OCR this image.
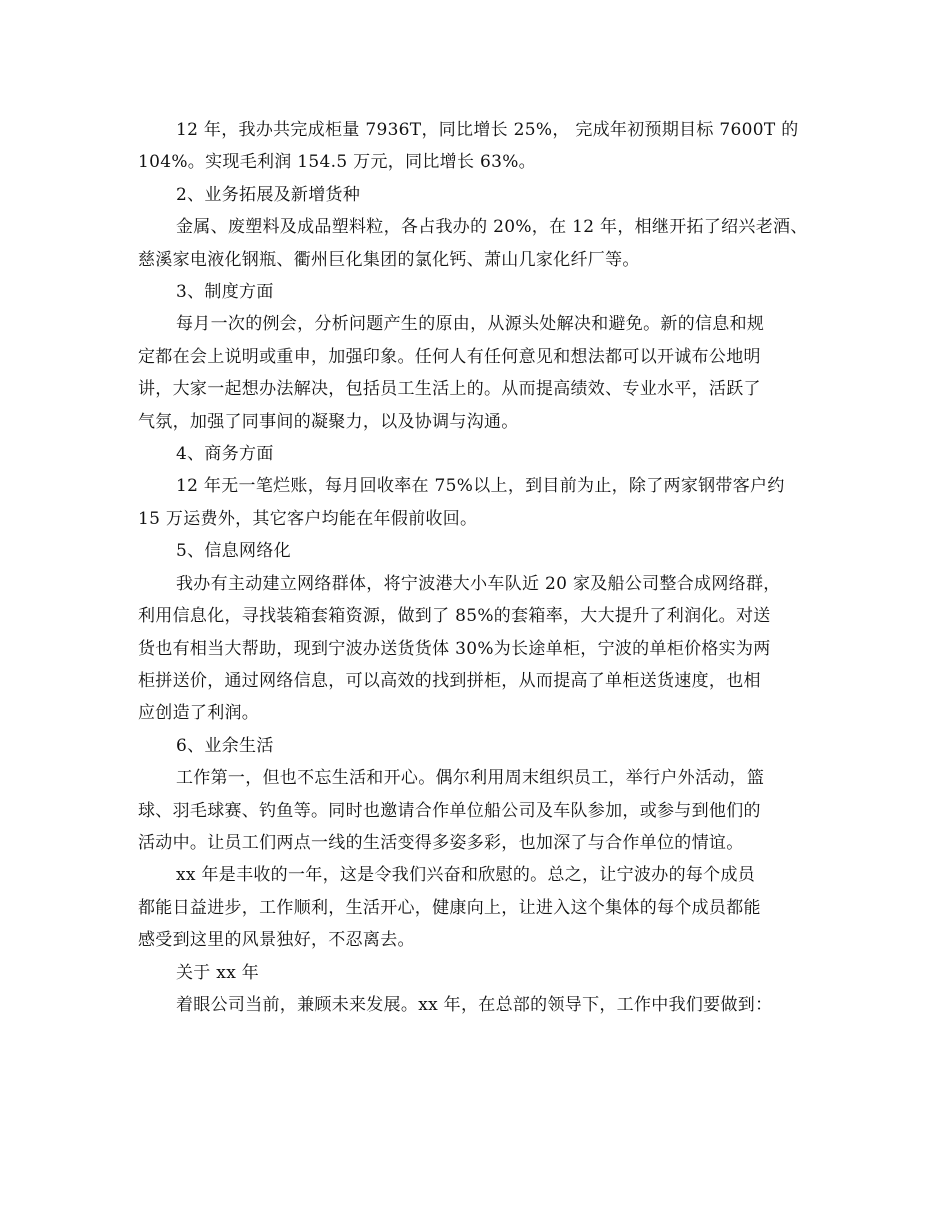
12 年，我办共完成柜量 7936T，同比增长 25%， 完成年初预期目标 7600T 的
104%。实现毛利润 154.5 万元，同比增长 63%。
2、业务拓展及新增货种
金属、废塑料及成品塑料粒，各占我办的 20%，在 12 年，相继开拓了绍兴老酒、
慈溪家电液化钢瓶、衢州巨化集团的氯化钙、萧山几家化纤厂等。
3、制度方面
每月一次的例会，分析问题产生的原由，从源头处解决和避免。新的信息和规
定都在会上说明或重申，加强印象。任何人有任何意见和想法都可以开诚布公地明
讲，大家一起想办法解决，包括员工生活上的。从而提高绩效、专业水平，活跃了
气氛，加强了同事间的凝聚力，以及协调与沟通。
4、商务方面
12 年无一笔烂账，每月回收率在 75%以上，到目前为止，除了两家钢带客户约
15 万运费外，其它客户均能在年假前收回。
5、信息网络化
我办有主动建立网络群体，将宁波港大小车队近 20 家及船公司整合成网络群，
利用信息化，寻找装箱套箱资源，做到了 85%的套箱率，大大提升了利润化。对送
货也有相当大帮助，现到宁波办送货货体 30%为长途单柜，宁波的单柜价格实为两
柜拼送价，通过网络信息，可以高效的找到拼柜，从而提高了单柜送货速度，也相
应创造了利润。
6、业余生活
工作第一，但也不忘生活和开心。偶尔利用周末组织员工，举行户外活动，篮
球、羽毛球赛、钓鱼等。同时也邀请合作单位船公司及车队参加，或参与到他们的
活动中。让员工们两点一线的生活变得多姿多彩，也加深了与合作单位的情谊。
xx 年是丰收的一年，这是令我们兴奋和欣慰的。总之，让宁波办的每个成员
都能日益进步，工作顺利，生活开心，健康向上，让进入这个集体的每个成员都能
感受到这里的风景独好，不忍离去。
关于 xx 年
着眼公司当前，兼顾未来发展。xx 年，在总部的领导下，工作中我们要做到：
